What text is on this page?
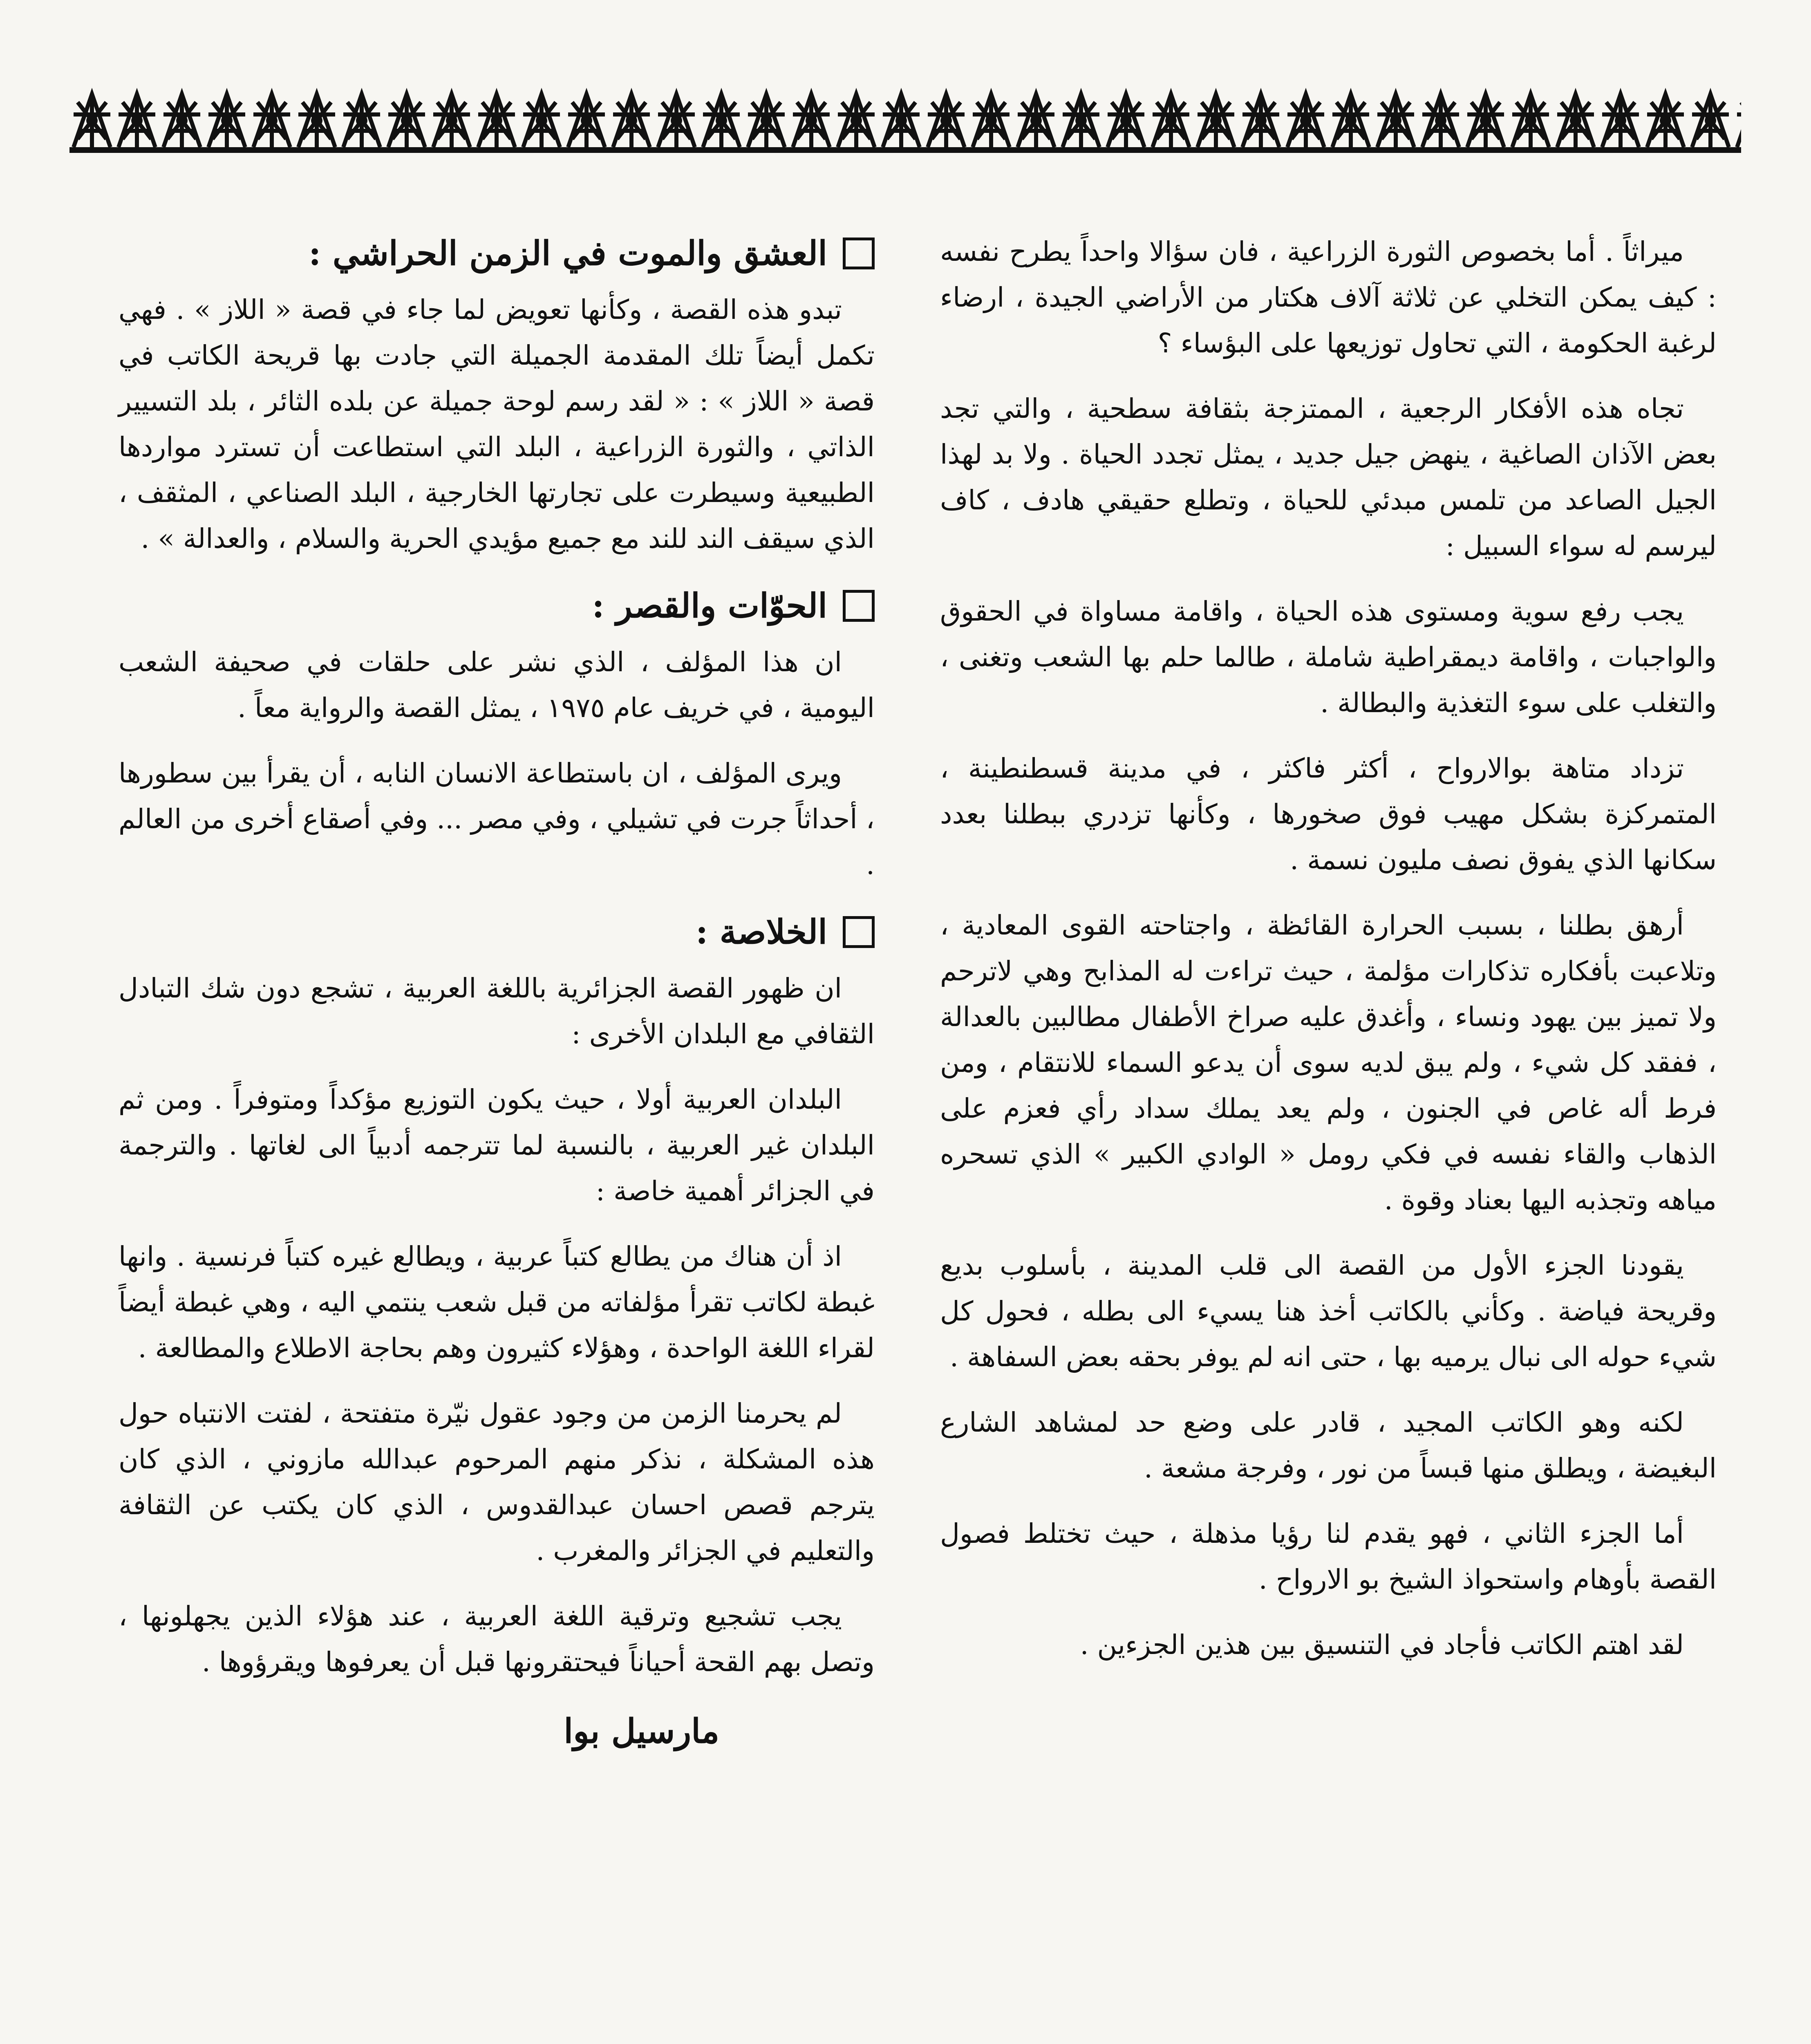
ميراثاً . أما بخصوص الثورة الزراعية ، فان سؤالا واحداً يطرح نفسه : كيف يمكن التخلي عن ثلاثة آلاف هكتار من الأراضي الجيدة ، ارضاء لرغبة الحكومة ، التي تحاول توزيعها على البؤساء ؟

تجاه هذه الأفكار الرجعية ، الممتزجة بثقافة سطحية ، والتي تجد بعض الآذان الصاغية ، ينهض جيل جديد ، يمثل تجدد الحياة . ولا بد لهذا الجيل الصاعد من تلمس مبدئي للحياة ، وتطلع حقيقي هادف ، كاف ليرسم له سواء السبيل :

يجب رفع سوية ومستوى هذه الحياة ، واقامة مساواة في الحقوق والواجبات ، واقامة ديمقراطية شاملة ، طالما حلم بها الشعب وتغنى ، والتغلب على سوء التغذية والبطالة .

تزداد متاهة بوالارواح ، أكثر فاكثر ، في مدينة قسطنطينة ، المتمركزة بشكل مهيب فوق صخورها ، وكأنها تزدري ببطلنا بعدد سكانها الذي يفوق نصف مليون نسمة .

أرهق بطلنا ، بسبب الحرارة القائظة ، واجتاحته القوى المعادية ، وتلاعبت بأفكاره تذكارات مؤلمة ، حيث تراءت له المذابح وهي لاترحم ولا تميز بين يهود ونساء ، وأغدق عليه صراخ الأطفال مطالبين بالعدالة ، ففقد كل شيء ، ولم يبق لديه سوى أن يدعو السماء للانتقام ، ومن فرط أله غاص في الجنون ، ولم يعد يملك سداد رأي فعزم على الذهاب والقاء نفسه في فكي رومل « الوادي الكبير » الذي تسحره مياهه وتجذبه اليها بعناد وقوة .

يقودنا الجزء الأول من القصة الى قلب المدينة ، بأسلوب بديع وقريحة فياضة . وكأني بالكاتب أخذ هنا يسيء الى بطله ، فحول كل شيء حوله الى نبال يرميه بها ، حتى انه لم يوفر بحقه بعض السفاهة .

لكنه وهو الكاتب المجيد ، قادر على وضع حد لمشاهد الشارع البغيضة ، ويطلق منها قبساً من نور ، وفرجة مشعة .

أما الجزء الثاني ، فهو يقدم لنا رؤيا مذهلة ، حيث تختلط فصول القصة بأوهام واستحواذ الشيخ بو الارواح .

لقد اهتم الكاتب فأجاد في التنسيق بين هذين الجزءين .

العشق والموت في الزمن الحراشي :

تبدو هذه القصة ، وكأنها تعويض لما جاء في قصة « اللاز » . فهي تكمل أيضاً تلك المقدمة الجميلة التي جادت بها قريحة الكاتب في قصة « اللاز » : « لقد رسم لوحة جميلة عن بلده الثائر ، بلد التسيير الذاتي ، والثورة الزراعية ، البلد التي استطاعت أن تسترد مواردها الطبيعية وسيطرت على تجارتها الخارجية ، البلد الصناعي ، المثقف ، الذي سيقف الند للند مع جميع مؤيدي الحرية والسلام ، والعدالة » .

الحوّات والقصر :

ان هذا المؤلف ، الذي نشر على حلقات في صحيفة الشعب اليومية ، في خريف عام ١٩٧٥ ، يمثل القصة والرواية معاً .

ويرى المؤلف ، ان باستطاعة الانسان النابه ، أن يقرأ بين سطورها ، أحداثاً جرت في تشيلي ، وفي مصر ... وفي أصقاع أخرى من العالم .

الخلاصة :

ان ظهور القصة الجزائرية باللغة العربية ، تشجع دون شك التبادل الثقافي مع البلدان الأخرى :

البلدان العربية أولا ، حيث يكون التوزيع مؤكداً ومتوفراً . ومن ثم البلدان غير العربية ، بالنسبة لما تترجمه أدبياً الى لغاتها . والترجمة في الجزائر أهمية خاصة :

اذ أن هناك من يطالع كتباً عربية ، ويطالع غيره كتباً فرنسية . وانها غبطة لكاتب تقرأ مؤلفاته من قبل شعب ينتمي اليه ، وهي غبطة أيضاً لقراء اللغة الواحدة ، وهؤلاء كثيرون وهم بحاجة الاطلاع والمطالعة .

لم يحرمنا الزمن من وجود عقول نيّرة متفتحة ، لفتت الانتباه حول هذه المشكلة ، نذكر منهم المرحوم عبدالله مازوني ، الذي كان يترجم قصص احسان عبدالقدوس ، الذي كان يكتب عن الثقافة والتعليم في الجزائر والمغرب .

يجب تشجيع وترقية اللغة العربية ، عند هؤلاء الذين يجهلونها ، وتصل بهم القحة أحياناً فيحتقرونها قبل أن يعرفوها ويقرؤوها .

مارسيل بوا
